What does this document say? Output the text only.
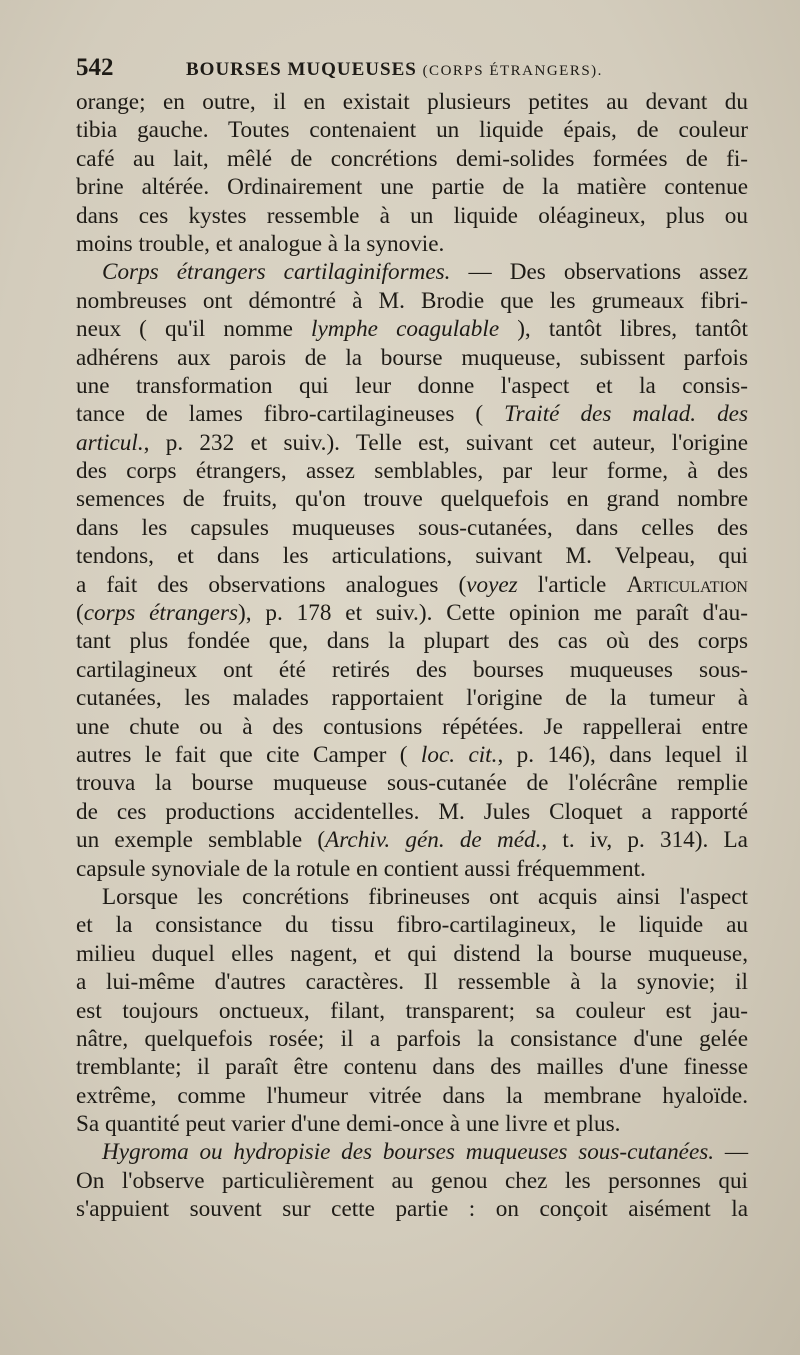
542	BOURSES MUQUEUSES (CORPS ÉTRANGERS).
orange; en outre, il en existait plusieurs petites au devant du
tibia gauche. Toutes contenaient un liquide épais, de couleur
café au lait, mêlé de concrétions demi-solides formées de fi-
brine altérée. Ordinairement une partie de la matière contenue
dans ces kystes ressemble à un liquide oléagineux, plus ou
moins trouble, et analogue à la synovie.
Corps étrangers cartilaginiformes. — Des observations assez
nombreuses ont démontré à M. Brodie que les grumeaux fibri-
neux ( qu'il nomme lymphe coagulable ), tantôt libres, tantôt
adhérens aux parois de la bourse muqueuse, subissent parfois
une transformation qui leur donne l'aspect et la consis-
tance de lames fibro-cartilagineuses ( Traité des malad. des
articul., p. 232 et suiv.). Telle est, suivant cet auteur, l'origine
des corps étrangers, assez semblables, par leur forme, à des
semences de fruits, qu'on trouve quelquefois en grand nombre
dans les capsules muqueuses sous-cutanées, dans celles des
tendons, et dans les articulations, suivant M. Velpeau, qui
a fait des observations analogues (voyez l'article Articulation
(corps étrangers), p. 178 et suiv.). Cette opinion me paraît d'au-
tant plus fondée que, dans la plupart des cas où des corps
cartilagineux ont été retirés des bourses muqueuses sous-
cutanées, les malades rapportaient l'origine de la tumeur à
une chute ou à des contusions répétées. Je rappellerai entre
autres le fait que cite Camper ( loc. cit., p. 146), dans lequel il
trouva la bourse muqueuse sous-cutanée de l'olécrâne remplie
de ces productions accidentelles. M. Jules Cloquet a rapporté
un exemple semblable (Archiv. gén. de méd., t. iv, p. 314). La
capsule synoviale de la rotule en contient aussi fréquemment.
Lorsque les concrétions fibrineuses ont acquis ainsi l'aspect
et la consistance du tissu fibro-cartilagineux, le liquide au
milieu duquel elles nagent, et qui distend la bourse muqueuse,
a lui-même d'autres caractères. Il ressemble à la synovie; il
est toujours onctueux, filant, transparent; sa couleur est jau-
nâtre, quelquefois rosée; il a parfois la consistance d'une gelée
tremblante; il paraît être contenu dans des mailles d'une finesse
extrême, comme l'humeur vitrée dans la membrane hyaloïde.
Sa quantité peut varier d'une demi-once à une livre et plus.
Hygroma ou hydropisie des bourses muqueuses sous-cutanées. —
On l'observe particulièrement au genou chez les personnes qui
s'appuient souvent sur cette partie : on conçoit aisément la
